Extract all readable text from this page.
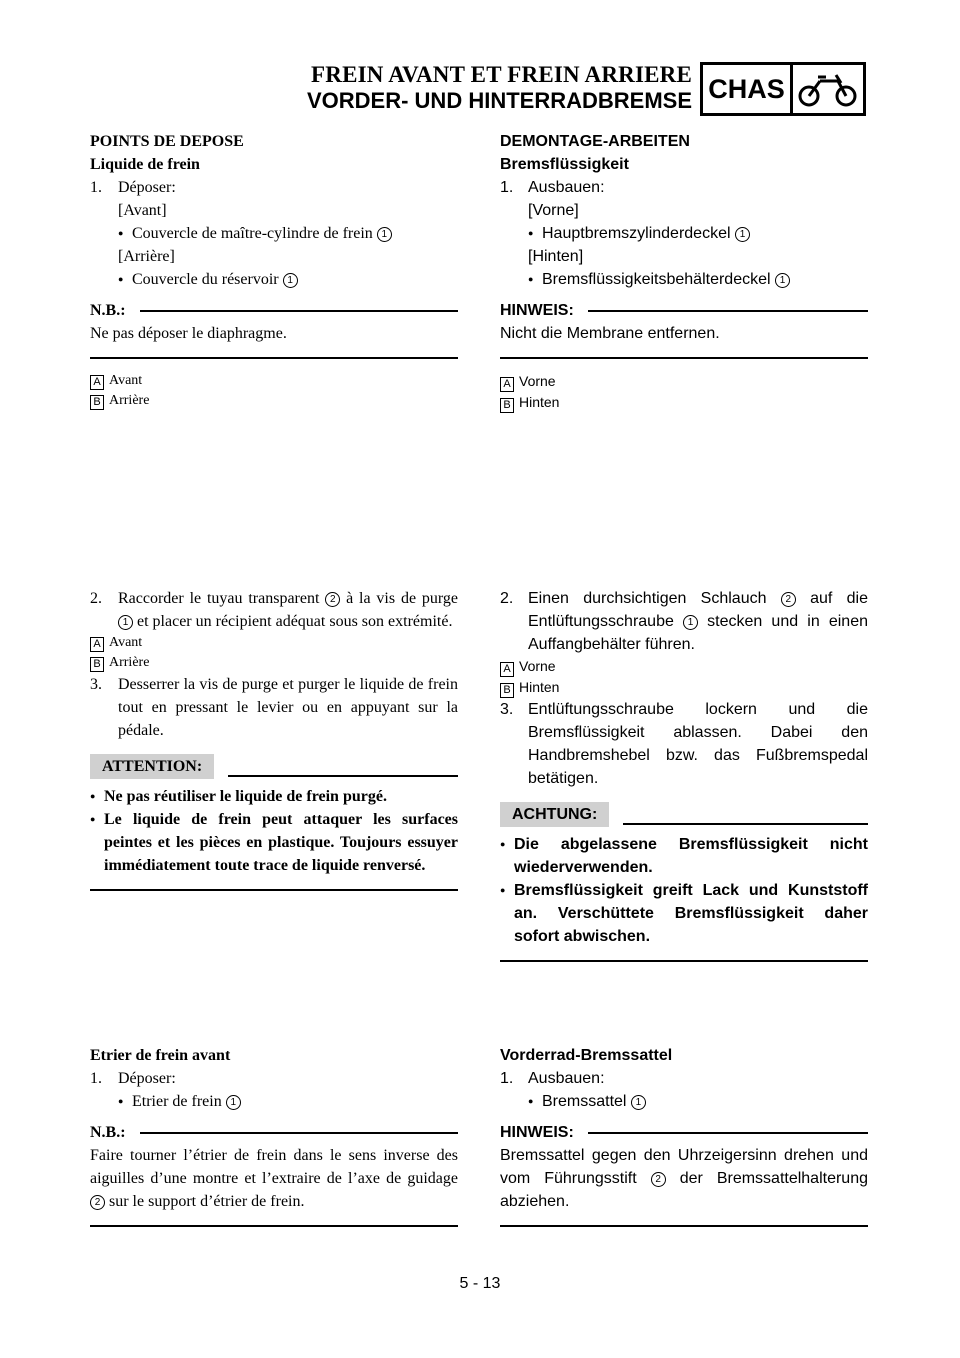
FREIN AVANT ET FREIN ARRIERE
VORDER- UND HINTERRADBREMSE CHAS
POINTS DE DEPOSE
Liquide de frein
1.	Déposer:
[Avant]
● Couvercle de maître-cylindre de frein 1
[Arrière]
● Couvercle du réservoir 1
N.B.:
Ne pas déposer le diaphragme.
A Avant
B Arrière
DEMONTAGE-ARBEITEN
Bremsflüssigkeit
1. Ausbauen:
[Vorne]
● Hauptbremszylinderdeckel 1
[Hinten]
● Bremsflüssigkeitsbehälterdeckel 1
HINWEIS:
Nicht die Membrane entfernen.
A Vorne
B Hinten
2.	Raccorder le tuyau transparent 2 à la vis de purge 1 et placer un récipient adéquat sous son extrémité.
A Avant
B Arrière
3.	Desserrer la vis de purge et purger le liquide de frein tout en pressant le levier ou en appuyant sur la pédale.
ATTENTION:
● Ne pas réutiliser le liquide de frein purgé.
● Le liquide de frein peut attaquer les surfaces peintes et les pièces en plastique. Toujours essuyer immédiatement toute trace de liquide renversé.
2. Einen durchsichtigen Schlauch 2 auf die Entlüftungsschraube 1 stecken und in einen Auffangbehälter führen.
A Vorne
B Hinten
3. Entlüftungsschraube lockern und die Bremsflüssigkeit ablassen. Dabei den Handbremshebel bzw. das Fußbremspedal betätigen.
ACHTUNG:
● Die abgelassene Bremsflüssigkeit nicht wiederverwenden.
● Bremsflüssigkeit greift Lack und Kunststoff an. Verschüttete Bremsflüssigkeit daher sofort abwischen.
Etrier de frein avant
1.	Déposer:
● Etrier de frein 1
N.B.:
Faire tourner l’étrier de frein dans le sens inverse des aiguilles d’une montre et l’extraire de l’axe de guidage 2 sur le support d’étrier de frein.
Vorderrad-Bremssattel
1. Ausbauen:
● Bremssattel 1
HINWEIS:
Bremssattel gegen den Uhrzeigersinn drehen und vom Führungsstift 2 der Bremssattelhalterung abziehen.
5 - 13
